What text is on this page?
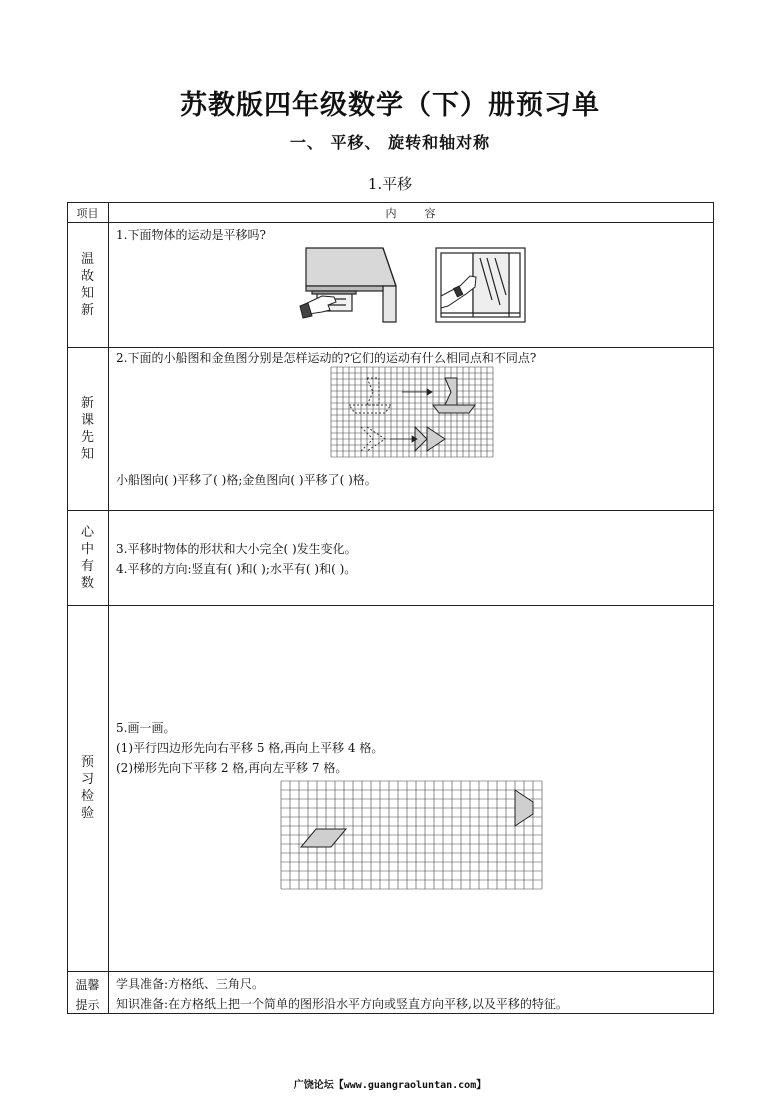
苏教版四年级数学（下）册预习单
一、 平移、 旋转和轴对称
1.平移
项目	内        容
温故知新
1.下面物体的运动是平移吗?
新课先知
2.下面的小船图和金鱼图分别是怎样运动的?它们的运动有什么相同点和不同点?
小船图向( )平移了( )格;金鱼图向( )平移了( )格。
心中有数
3.平移时物体的形状和大小完全( )发生变化。
4.平移的方向:竖直有( )和( );水平有( )和( )。
预习检验
5.画一画。
(1)平行四边形先向右平移 5 格,再向上平移 4 格。
(2)梯形先向下平移 2 格,再向左平移 7 格。
温馨
提示
学具准备:方格纸、三角尺。
知识准备:在方格纸上把一个简单的图形沿水平方向或竖直方向平移,以及平移的特征。
广饶论坛【www.guangraoluntan.com】
